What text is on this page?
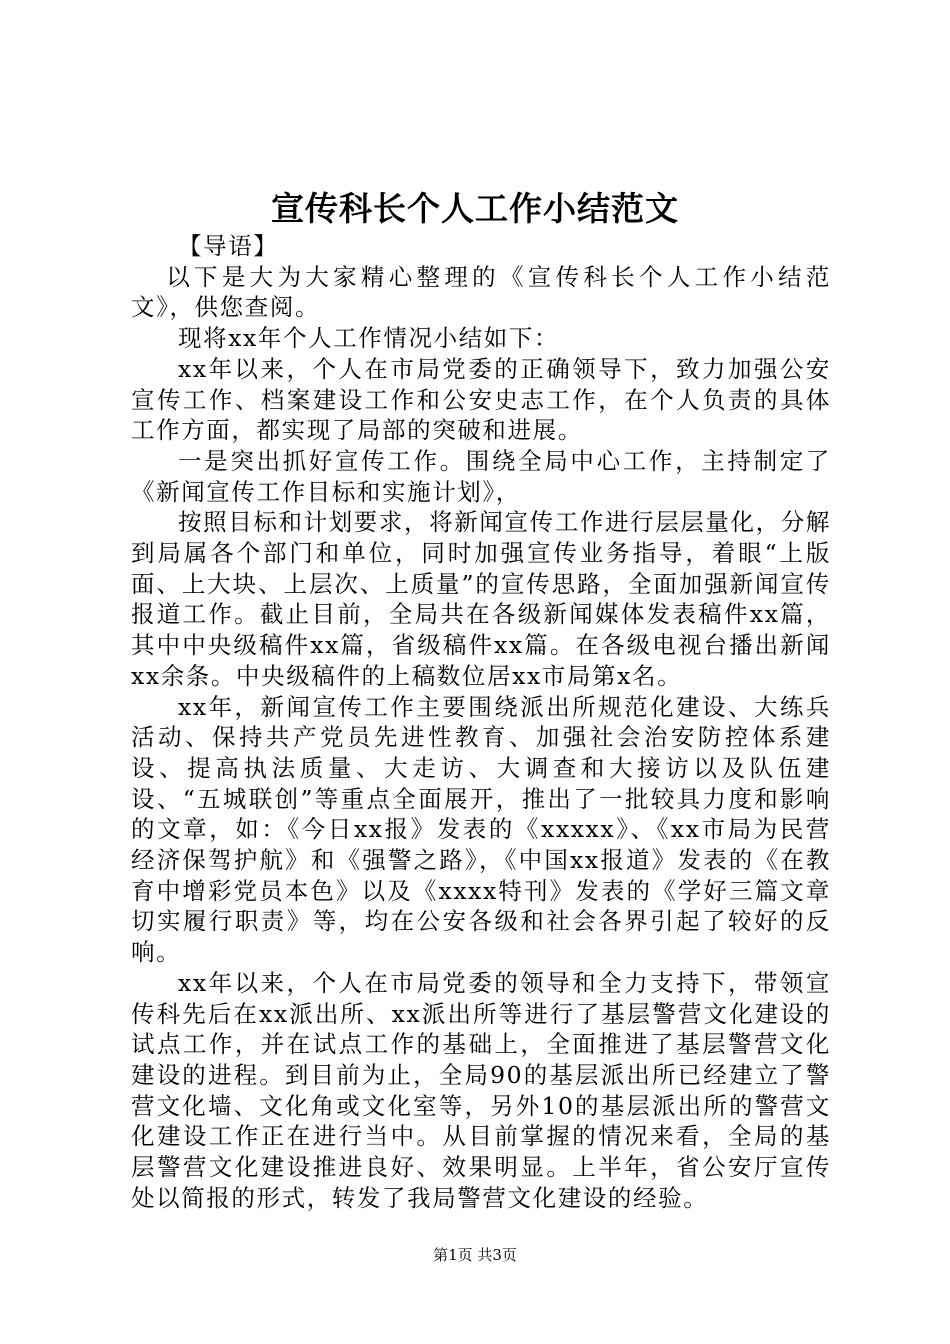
宣传科长个人工作小结范文

【导语】

以下是大为大家精心整理的《宣传科长个人工作小结范文》，供您查阅。

现将xx年个人工作情况小结如下：

xx年以来，个人在市局党委的正确领导下，致力加强公安宣传工作、档案建设工作和公安史志工作，在个人负责的具体工作方面，都实现了局部的突破和进展。

一是突出抓好宣传工作。围绕全局中心工作，主持制定了《新闻宣传工作目标和实施计划》，

按照目标和计划要求，将新闻宣传工作进行层层量化，分解到局属各个部门和单位，同时加强宣传业务指导，着眼“上版面、上大块、上层次、上质量”的宣传思路，全面加强新闻宣传报道工作。截止目前，全局共在各级新闻媒体发表稿件xx篇，其中中央级稿件xx篇，省级稿件xx篇。在各级电视台播出新闻xx余条。中央级稿件的上稿数位居xx市局第x名。

xx年，新闻宣传工作主要围绕派出所规范化建设、大练兵活动、保持共产党员先进性教育、加强社会治安防控体系建设、提高执法质量、大走访、大调查和大接访以及队伍建设、“五城联创”等重点全面展开，推出了一批较具力度和影响的文章，如：《今日xx报》发表的《xxxxx》、《xx市局为民营经济保驾护航》和《强警之路》，《中国xx报道》发表的《在教育中增彩党员本色》以及《xxxx特刊》发表的《学好三篇文章切实履行职责》等，均在公安各级和社会各界引起了较好的反响。

xx年以来，个人在市局党委的领导和全力支持下，带领宣传科先后在xx派出所、xx派出所等进行了基层警营文化建设的试点工作，并在试点工作的基础上，全面推进了基层警营文化建设的进程。到目前为止，全局90的基层派出所已经建立了警营文化墙、文化角或文化室等，另外10的基层派出所的警营文化建设工作正在进行当中。从目前掌握的情况来看，全局的基层警营文化建设推进良好、效果明显。上半年，省公安厅宣传处以简报的形式，转发了我局警营文化建设的经验。

第1页 共3页
